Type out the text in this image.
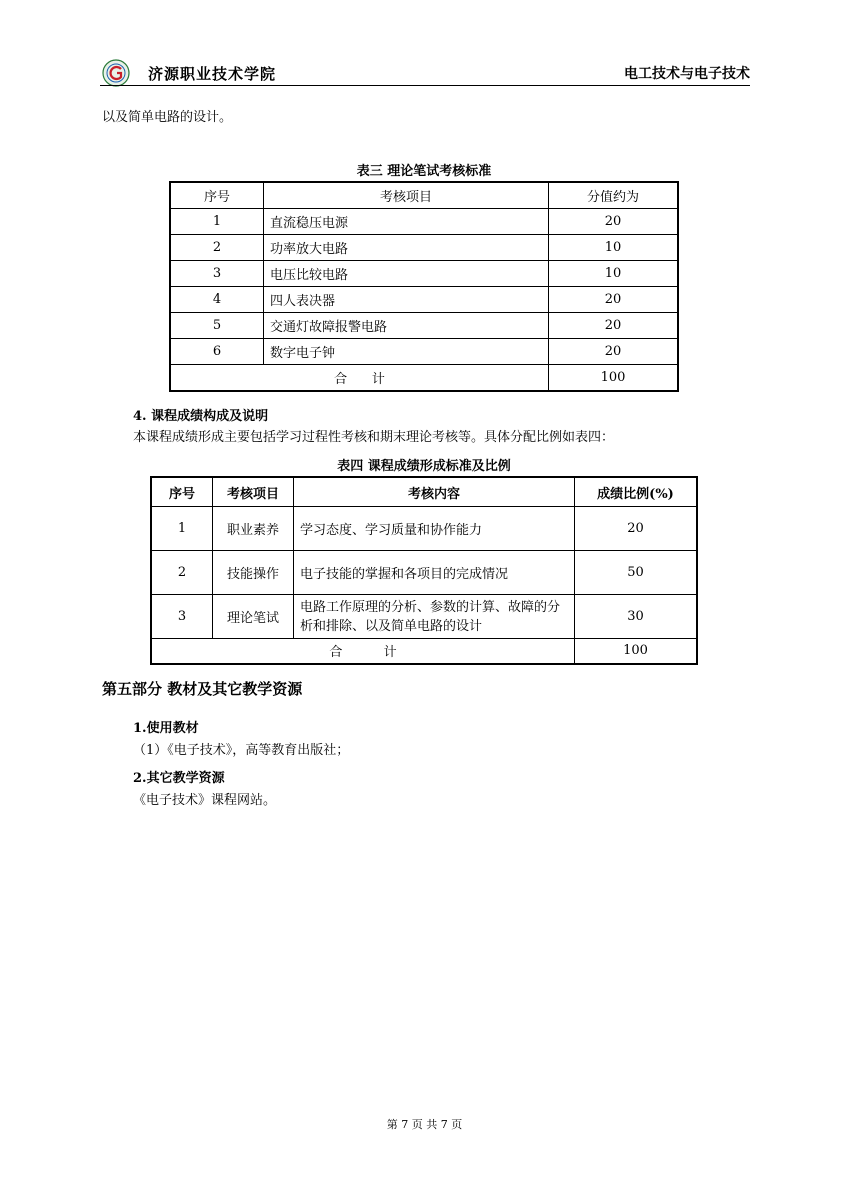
济源职业技术学院	电工技术与电子技术
以及简单电路的设计。
表三 理论笔试考核标准
序号	考核项目	分值约为
1	直流稳压电源	20
2	功率放大电路	10
3	电压比较电路	10
4	四人表决器	20
5	交通灯故障报警电路	20
6	数字电子钟	20
合      计		100
4. 课程成绩构成及说明
本课程成绩形成主要包括学习过程性考核和期末理论考核等。具体分配比例如表四：
表四 课程成绩形成标准及比例
序号	考核项目	考核内容	成绩比例(%)
1	职业素养	学习态度、学习质量和协作能力	20
2	技能操作	电子技能的掌握和各项目的完成情况	50
3	理论笔试	电路工作原理的分析、参数的计算、故障的分析和排除、以及简单电路的设计	30
合          计			100
第五部分 教材及其它教学资源
1.使用教材
（1）《电子技术》，高等教育出版社；
2.其它教学资源
《电子技术》课程网站。
第 7 页 共 7 页
